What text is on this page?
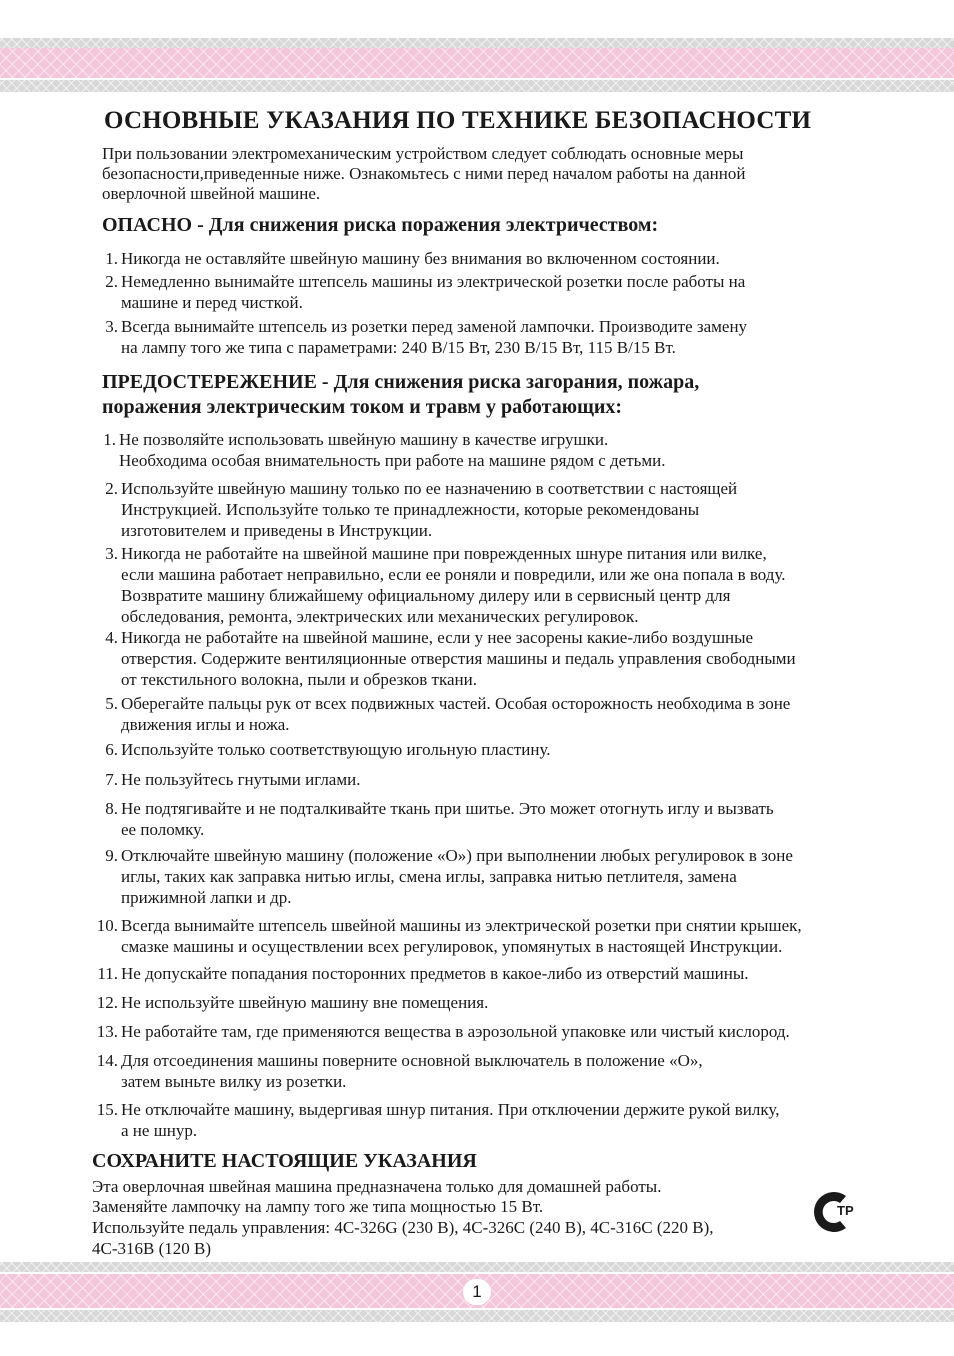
ОСНОВНЫЕ УКАЗАНИЯ ПО ТЕХНИКЕ БЕЗОПАСНОСТИ
При пользовании электромеханическим устройством следует соблюдать основные меры
безопасности,приведенные ниже. Ознакомьтесь с ними перед началом работы на данной
оверлочной швейной машине.
ОПАСНО - Для снижения риска поражения электричеством:
1. Никогда не оставляйте швейную машину без внимания во включенном состоянии.
2. Немедленно вынимайте штепсель машины из электрической розетки после работы на
машине и перед чисткой.
3. Всегда вынимайте штепсель из розетки перед заменой лампочки. Производите замену
на лампу того же типа с параметрами: 240 В/15 Вт, 230 В/15 Вт, 115 В/15 Вт.
ПРЕДОСТЕРЕЖЕНИЕ - Для снижения риска загорания, пожара,
поражения электрическим током и травм у работающих:
1. Не позволяйте использовать швейную машину в качестве игрушки.
Необходима особая внимательность при работе на машине рядом с детьми.
2. Используйте швейную машину только по ее назначению в соответствии с настоящей
Инструкцией. Используйте только те принадлежности, которые рекомендованы
изготовителем и приведены в Инструкции.
3. Никогда не работайте на швейной машине при поврежденных шнуре питания или вилке,
если машина работает неправильно, если ее роняли и повредили, или же она попала в воду.
Возвратите машину ближайшему официальному дилеру или в сервисный центр для
обследования, ремонта, электрических или механических регулировок.
4. Никогда не работайте на швейной машине, если у нее засорены какие-либо воздушные
отверстия. Содержите вентиляционные отверстия машины и педаль управления свободными
от текстильного волокна, пыли и обрезков ткани.
5. Оберегайте пальцы рук от всех подвижных частей. Особая осторожность необходима в зоне
движения иглы и ножа.
6. Используйте только соответствующую игольную пластину.
7. Не пользуйтесь гнутыми иглами.
8. Не подтягивайте и не подталкивайте ткань при шитье. Это может отогнуть иглу и вызвать
ее поломку.
9. Отключайте швейную машину (положение «О») при выполнении любых регулировок в зоне
иглы, таких как заправка нитью иглы, смена иглы, заправка нитью петлителя, замена
прижимной лапки и др.
10. Всегда вынимайте штепсель швейной машины из электрической розетки при снятии крышек,
смазке машины и осуществлении всех регулировок, упомянутых в настоящей Инструкции.
11. Не допускайте попадания посторонних предметов в какое-либо из отверстий машины.
12. Не используйте швейную машину вне помещения.
13. Не работайте там, где применяются вещества в аэрозольной упаковке или чистый кислород.
14. Для отсоединения машины поверните основной выключатель в положение «О»,
затем выньте вилку из розетки.
15. Не отключайте машину, выдергивая шнур питания. При отключении держите рукой вилку,
а не шнур.
СОХРАНИТЕ НАСТОЯЩИЕ УКАЗАНИЯ
Эта оверлочная швейная машина предназначена только для домашней работы.
Заменяйте лампочку на лампу того же типа мощностью 15 Вт.
Используйте педаль управления: 4C-326G (230 В), 4C-326C (240 В), 4C-316C (220 В),
4C-316B (120 В)
ТР
1
